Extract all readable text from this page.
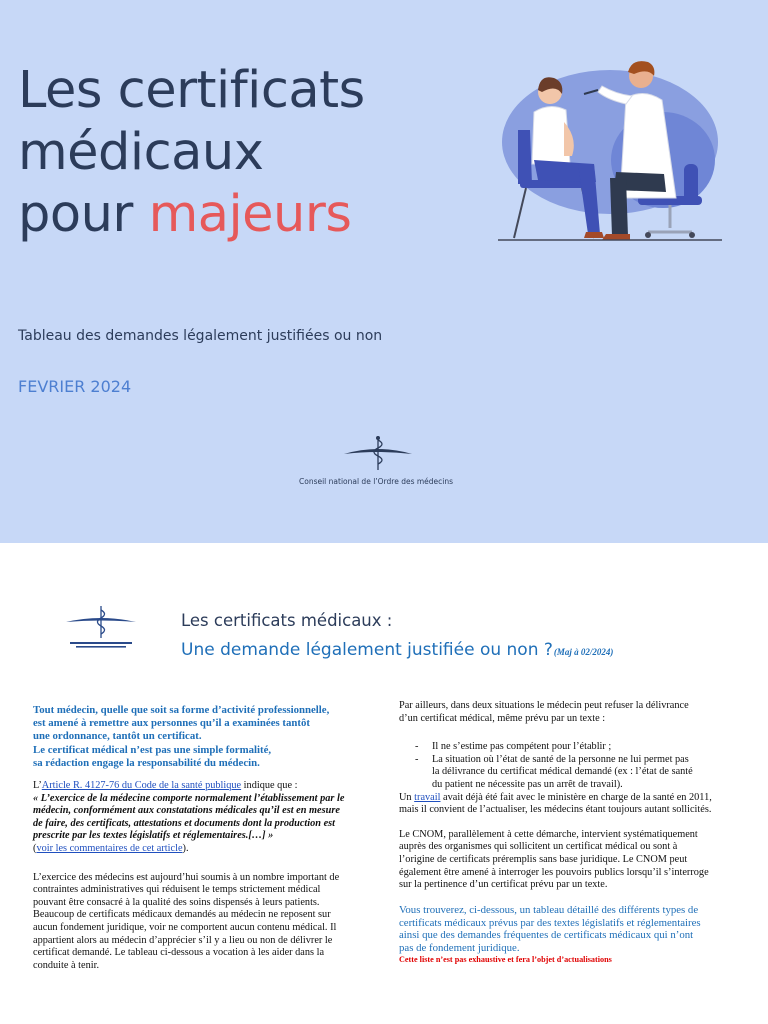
Les certificats
médicaux
pour majeurs
Tableau des demandes légalement justifiées ou non
FEVRIER 2024
Conseil national de l’Ordre des médecins
Les certificats médicaux :
Une demande légalement justifiée ou non ?(Maj à 02/2024)
Tout médecin, quelle que soit sa forme d’activité professionnelle,
est amené à remettre aux personnes qu’il a examinées tantôt
une ordonnance, tantôt un certificat.
Le certificat médical n’est pas une simple formalité,
sa rédaction engage la responsabilité du médecin.
L’Article R. 4127-76 du Code de la santé publique indique que :
« L’exercice de la médecine comporte normalement l’établissement par le
médecin, conformément aux constatations médicales qu’il est en mesure
de faire, des certificats, attestations et documents dont la production est
prescrite par les textes législatifs et réglementaires.[…] »
(voir les commentaires de cet article).
L’exercice des médecins est aujourd’hui soumis à un nombre important de
contraintes administratives qui réduisent le temps strictement médical
pouvant être consacré à la qualité des soins dispensés à leurs patients.
Beaucoup de certificats médicaux demandés au médecin ne reposent sur
aucun fondement juridique, voir ne comportent aucun contenu médical. Il
appartient alors au médecin d’apprécier s’il y a lieu ou non de délivrer le
certificat demandé. Le tableau ci-dessous a vocation à les aider dans la
conduite à tenir.
Par ailleurs, dans deux situations le médecin peut refuser la délivrance
d’un certificat médical, même prévu par un texte :
-	Il ne s’estime pas compétent pour l’établir ;
-	La situation où l’état de santé de la personne ne lui permet pas
la délivrance du certificat médical demandé (ex : l’état de santé
du patient ne nécessite pas un arrêt de travail).
Un travail avait déjà été fait avec le ministère en charge de la santé en 2011,
mais il convient de l’actualiser, les médecins étant toujours autant sollicités.
Le CNOM, parallèlement à cette démarche, intervient systématiquement
auprès des organismes qui sollicitent un certificat médical ou sont à
l’origine de certificats préremplis sans base juridique. Le CNOM peut
également être amené à interroger les pouvoirs publics lorsqu’il s’interroge
sur la pertinence d’un certificat prévu par un texte.
Vous trouverez, ci-dessous, un tableau détaillé des différents types de
certificats médicaux prévus par des textes législatifs et réglementaires
ainsi que des demandes fréquentes de certificats médicaux qui n’ont
pas de fondement juridique.
Cette liste n’est pas exhaustive et fera l’objet d’actualisations
